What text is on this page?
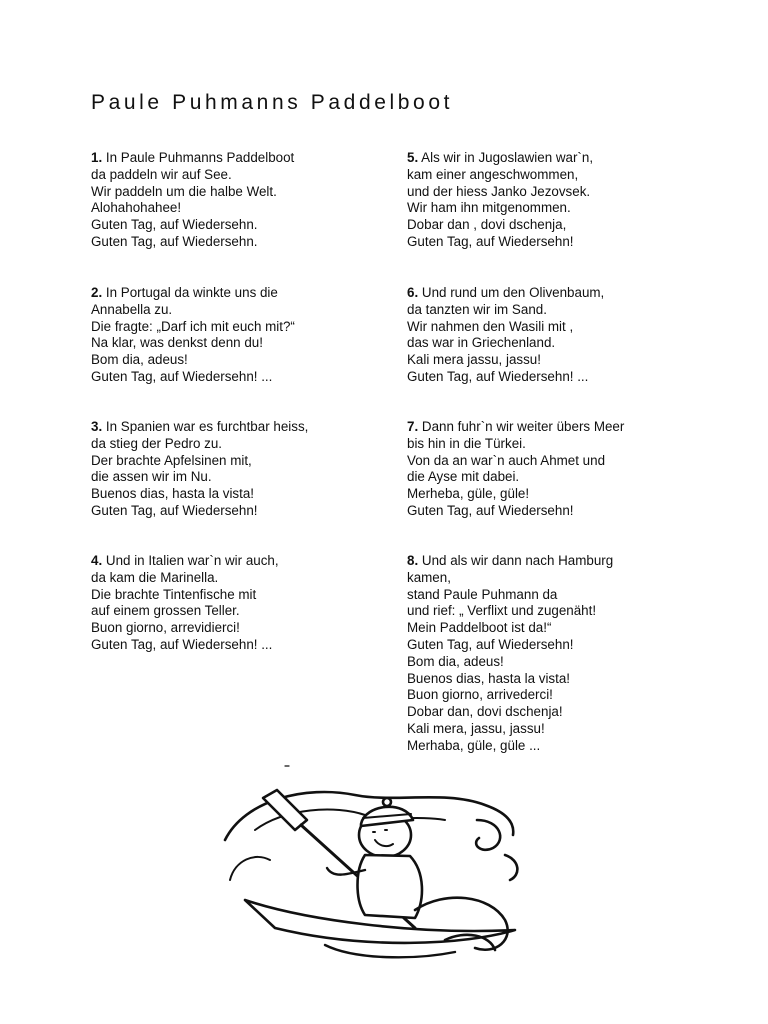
Paule Puhmanns Paddelboot
1. In Paule Puhmanns Paddelboot
da paddeln wir auf See.
Wir paddeln um die halbe Welt.
Alohahohahee!
Guten Tag, auf Wiedersehn.
Guten Tag, auf Wiedersehn.
2. In Portugal da winkte uns die
Annabella zu.
Die fragte: „Darf ich mit euch mit?“
Na klar, was denkst denn du!
Bom dia, adeus!
Guten Tag, auf Wiedersehn! ...
3. In Spanien war es furchtbar heiss,
da stieg der Pedro zu.
Der brachte Apfelsinen mit,
die assen wir im Nu.
Buenos dias, hasta la vista!
Guten Tag, auf Wiedersehn!
4. Und in Italien war`n wir auch,
da kam die Marinella.
Die brachte Tintenfische mit
auf einem grossen Teller.
Buon giorno, arrevidierci!
Guten Tag, auf Wiedersehn! ...
5. Als wir in Jugoslawien war`n,
kam einer angeschwommen,
und der hiess Janko Jezovsek.
Wir ham ihn mitgenommen.
Dobar dan , dovi dschenja,
Guten Tag, auf Wiedersehn!
6. Und rund um den Olivenbaum,
da tanzten wir im Sand.
Wir nahmen den Wasili mit ,
das war in Griechenland.
Kali mera jassu, jassu!
Guten Tag, auf Wiedersehn! ...
7. Dann fuhr`n wir weiter übers Meer
bis hin in die Türkei.
Von da an war`n auch Ahmet und
die Ayse mit dabei.
Merheba, güle, güle!
Guten Tag, auf Wiedersehn!
8. Und als wir dann nach Hamburg
kamen,
stand Paule Puhmann da
und rief: „ Verflixt und zugenäht!
Mein Paddelboot ist da!“
Guten Tag, auf Wiedersehn!
Bom dia, adeus!
Buenos dias, hasta la vista!
Buon giorno, arrivederci!
Dobar dan, dovi dschenja!
Kali mera, jassu, jassu!
Merhaba, güle, güle ...
